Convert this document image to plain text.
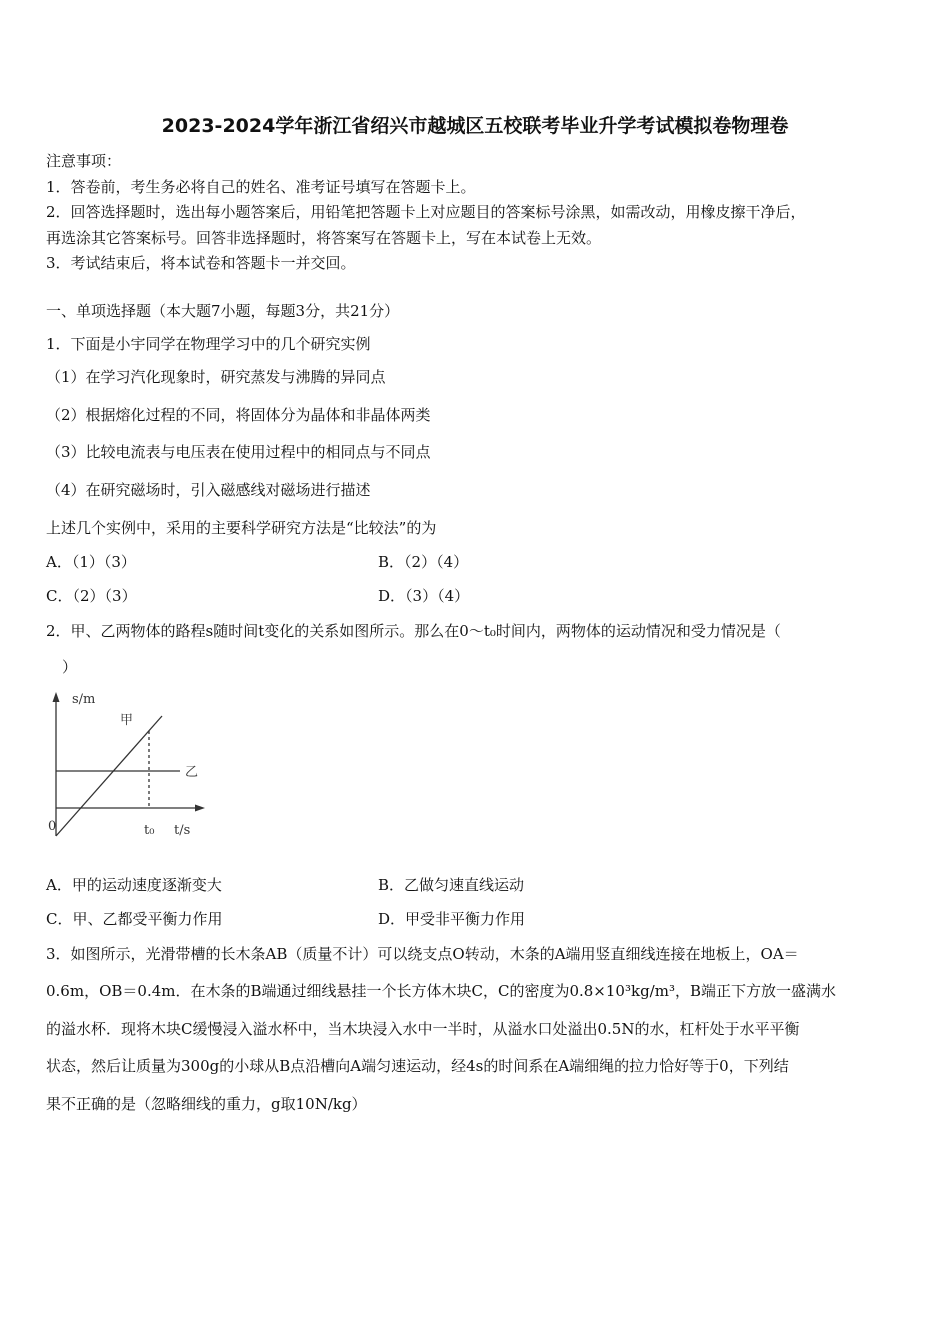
2023-2024学年浙江省绍兴市越城区五校联考毕业升学考试模拟卷物理卷
注意事项：
1．答卷前，考生务必将自己的姓名、准考证号填写在答题卡上。
2．回答选择题时，选出每小题答案后，用铅笔把答题卡上对应题目的答案标号涂黑，如需改动，用橡皮擦干净后，
再选涂其它答案标号。回答非选择题时，将答案写在答题卡上，写在本试卷上无效。
3．考试结束后，将本试卷和答题卡一并交回。
一、单项选择题（本大题7小题，每题3分，共21分）
1．下面是小宇同学在物理学习中的几个研究实例
（1）在学习汽化现象时，研究蒸发与沸腾的异同点
（2）根据熔化过程的不同，将固体分为晶体和非晶体两类
（3）比较电流表与电压表在使用过程中的相同点与不同点
（4）在研究磁场时，引入磁感线对磁场进行描述
上述几个实例中，采用的主要科学研究方法是“比较法”的为
A．（1）（3）	B．（2）（4）
C．（2）（3）	D．（3）（4）
2．甲、乙两物体的路程s随时间t变化的关系如图所示。那么在0～t₀时间内，两物体的运动情况和受力情况是（
）
s/m
甲
乙
0	t₀ t/s
A．甲的运动速度逐渐变大	B．乙做匀速直线运动
C．甲、乙都受平衡力作用	D．甲受非平衡力作用
3．如图所示，光滑带槽的长木条AB（质量不计）可以绕支点O转动，木条的A端用竖直细线连接在地板上，OA＝
0.6m，OB＝0.4m．在木条的B端通过细线悬挂一个长方体木块C，C的密度为0.8×10³kg/m³，B端正下方放一盛满水
的溢水杯．现将木块C缓慢浸入溢水杯中，当木块浸入水中一半时，从溢水口处溢出0.5N的水，杠杆处于水平平衡
状态，然后让质量为300g的小球从B点沿槽向A端匀速运动，经4s的时间系在A端细绳的拉力恰好等于0，下列结
果不正确的是（忽略细线的重力，g取10N/kg）
